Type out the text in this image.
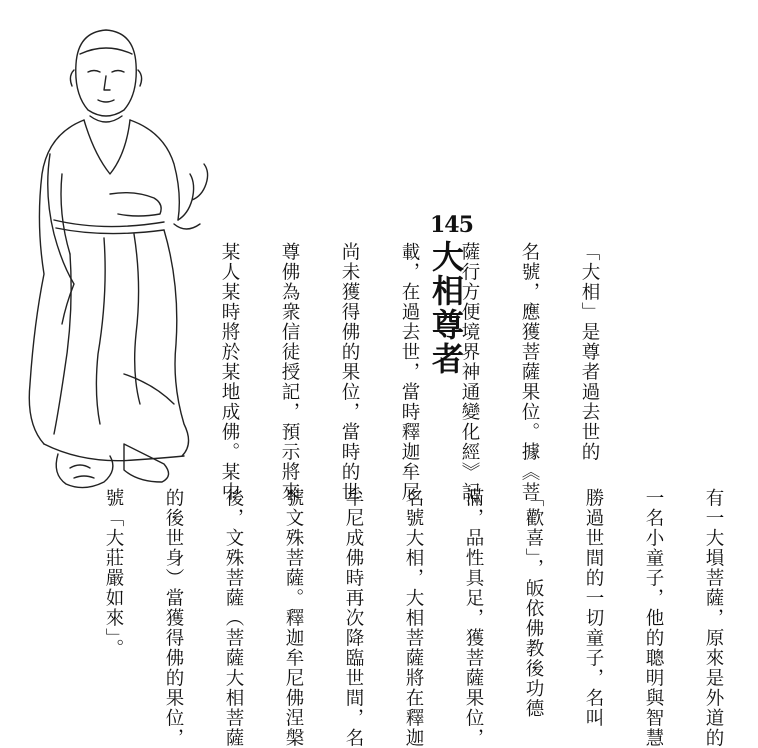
145
大相尊者	「大相」是尊者過去世的

名號，應獲菩薩果位。據《菩

薩行方便境界神通變化經》記

載，在過去世，當時釋迦牟尼

尚未獲得佛的果位，當時的世

尊佛為衆信徒授記，預示將來

某人某時將於某地成佛。某中

有一大塤菩薩，原來是外道的

一名小童子，他的聰明與智慧

勝過世間的一切童子，名叫

「歡喜」，皈依佛教後功德

滿，品性具足，獲菩薩果位，

名號大相，大相菩薩將在釋迦

牟尼成佛時再次降臨世間，名

號文殊菩薩。釋迦牟尼佛涅槃

後，文殊菩薩（菩薩大相菩薩

的後世身）當獲得佛的果位，

號「大莊嚴如來」。
